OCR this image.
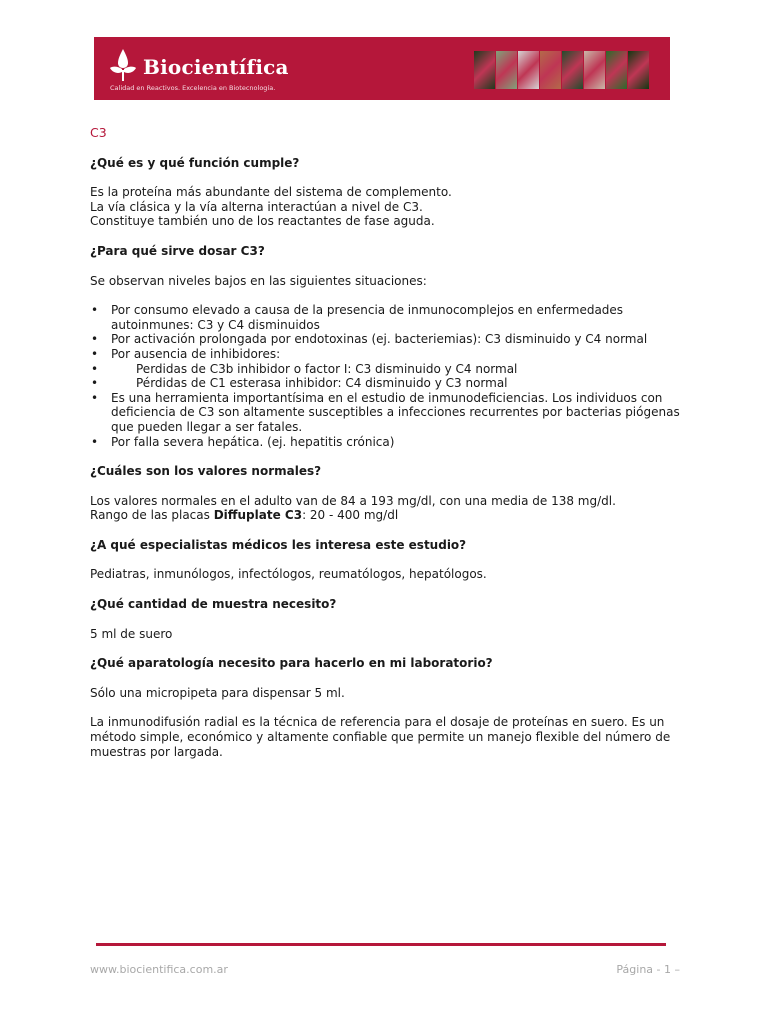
Biocientífica
Calidad en Reactivos. Excelencia en Biotecnología.

C3

¿Qué es y qué función cumple?

Es la proteína más abundante del sistema de complemento.

La vía clásica y la vía alterna interactúan a nivel de C3.

Constituye también uno de los reactantes de fase aguda.

¿Para qué sirve dosar C3?

Se observan niveles bajos en las siguientes situaciones:

• Por consumo elevado a causa de la presencia de inmunocomplejos en enfermedades autoinmunes: C3 y C4 disminuidos
• Por activación prolongada por endotoxinas (ej. bacteriemias): C3 disminuido y C4 normal
• Por ausencia de inhibidores:
•	Perdidas de C3b inhibidor o factor I: C3 disminuido y C4 normal
•	Pérdidas de C1 esterasa inhibidor: C4 disminuido y C3 normal
• Es una herramienta importantísima en el estudio de inmunodeficiencias. Los individuos con deficiencia de C3 son altamente susceptibles a infecciones recurrentes por bacterias piógenas que pueden llegar a ser fatales.
• Por falla severa hepática. (ej. hepatitis crónica)

¿Cuáles son los valores normales?

Los valores normales en el adulto van de 84 a 193 mg/dl, con una media de 138 mg/dl.

Rango de las placas Diffuplate C3: 20 - 400 mg/dl

¿A qué especialistas médicos les interesa este estudio?

Pediatras, inmunólogos, infectólogos, reumatólogos, hepatólogos.

¿Qué cantidad de muestra necesito?

5 ml de suero

¿Qué aparatología necesito para hacerlo en mi laboratorio?

Sólo una micropipeta para dispensar 5 ml.

La inmunodifusión radial es la técnica de referencia para el dosaje de proteínas en suero. Es un método simple, económico y altamente confiable que permite un manejo flexible del número de muestras por largada.

www.biocientifica.com.ar	Página - 1 –
